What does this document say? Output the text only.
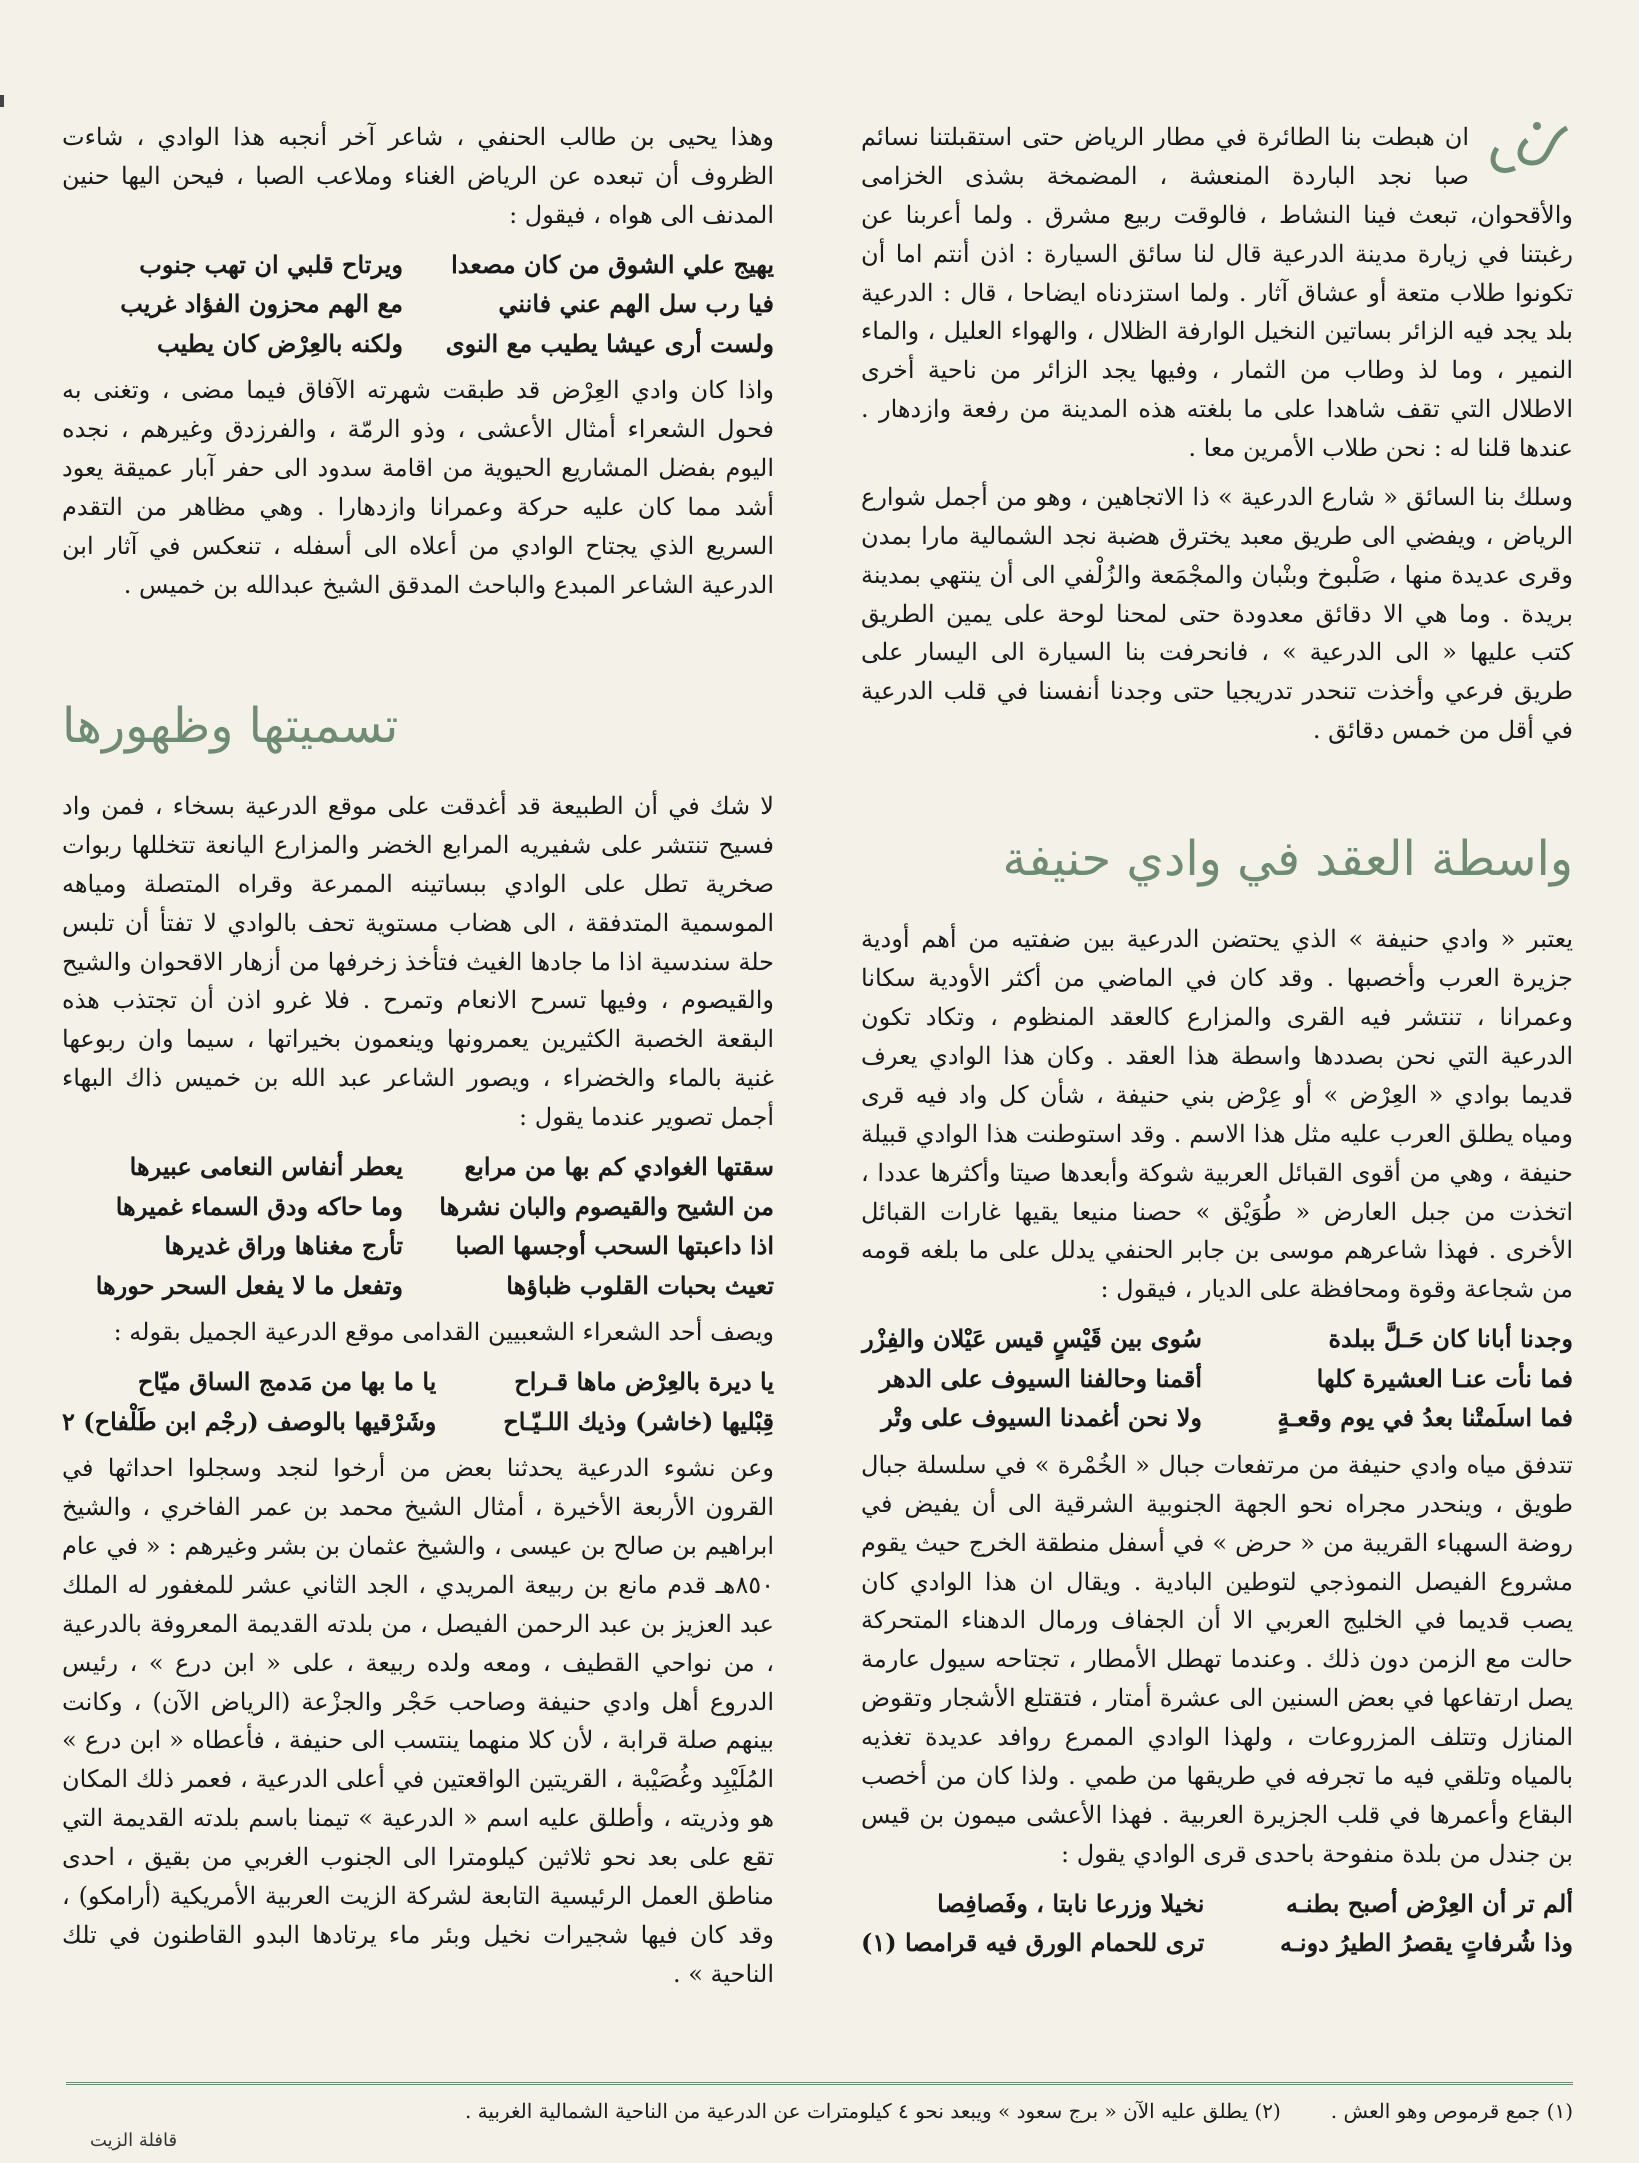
ان هبطت بنا الطائرة في مطار الرياض حتى استقبلتنا نسائم صبا نجد الباردة المنعشة ، المضمخة بشذى الخزامى والأقحوان، تبعث فينا النشاط ، فالوقت ربيع مشرق . ولما أعربنا عن رغبتنا في زيارة مدينة الدرعية قال لنا سائق السيارة : اذن أنتم اما أن تكونوا طلاب متعة أو عشاق آثار . ولما استزدناه ايضاحا ، قال : الدرعية بلد يجد فيه الزائر بساتين النخيل الوارفة الظلال ، والهواء العليل ، والماء النمير ، وما لذ وطاب من الثمار ، وفيها يجد الزائر من ناحية أخرى الاطلال التي تقف شاهدا على ما بلغته هذه المدينة من رفعة وازدهار . عندها قلنا له : نحن طلاب الأمرين معا .

وسلك بنا السائق « شارع الدرعية » ذا الاتجاهين ، وهو من أجمل شوارع الرياض ، ويفضي الى طريق معبد يخترق هضبة نجد الشمالية مارا بمدن وقرى عديدة منها ، صَلْبوخ وبنْبان والمجْمَعة والزُلْفي الى أن ينتهي بمدينة بريدة . وما هي الا دقائق معدودة حتى لمحنا لوحة على يمين الطريق كتب عليها « الى الدرعية » ، فانحرفت بنا السيارة الى اليسار على طريق فرعي وأخذت تنحدر تدريجيا حتى وجدنا أنفسنا في قلب الدرعية في أقل من خمس دقائق .

واسطة العقد في وادي حنيفة

يعتبر « وادي حنيفة » الذي يحتضن الدرعية بين ضفتيه من أهم أودية جزيرة العرب وأخصبها . وقد كان في الماضي من أكثر الأودية سكانا وعمرانا ، تنتشر فيه القرى والمزارع كالعقد المنظوم ، وتكاد تكون الدرعية التي نحن بصددها واسطة هذا العقد . وكان هذا الوادي يعرف قديما بوادي « العِرْض » أو عِرْض بني حنيفة ، شأن كل واد فيه قرى ومياه يطلق العرب عليه مثل هذا الاسم . وقد استوطنت هذا الوادي قبيلة حنيفة ، وهي من أقوى القبائل العربية شوكة وأبعدها صيتا وأكثرها عددا ، اتخذت من جبل العارض « طُوَيْق » حصنا منيعا يقيها غارات القبائل الأخرى . فهذا شاعرهم موسى بن جابر الحنفي يدلل على ما بلغه قومه من شجاعة وقوة ومحافظة على الديار ، فيقول :

وجدنا أبانا كان حَـلَّ ببلدة
سُوى بين قَيْسٍ قيس عَيْلان والفِزْر
فما نأت عنـا العشيرة كلها
أقمنا وحالفنا السيوف على الدهر
فما اسلَمتْنا بعدُ في يوم وقعـةٍ
ولا نحن أغمدنا السيوف على وتْر

تتدفق مياه وادي حنيفة من مرتفعات جبال « الخُمْرة » في سلسلة جبال طويق ، وينحدر مجراه نحو الجهة الجنوبية الشرقية الى أن يفيض في روضة السهباء القريبة من « حرض » في أسفل منطقة الخرج حيث يقوم مشروع الفيصل النموذجي لتوطين البادية . ويقال ان هذا الوادي كان يصب قديما في الخليج العربي الا أن الجفاف ورمال الدهناء المتحركة حالت مع الزمن دون ذلك . وعندما تهطل الأمطار ، تجتاحه سيول عارمة يصل ارتفاعها في بعض السنين الى عشرة أمتار ، فتقتلع الأشجار وتقوض المنازل وتتلف المزروعات ، ولهذا الوادي الممرع روافد عديدة تغذيه بالمياه وتلقي فيه ما تجرفه في طريقها من طمي . ولذا كان من أخصب البقاع وأعمرها في قلب الجزيرة العربية . فهذا الأعشى ميمون بن قيس بن جندل من بلدة منفوحة باحدى قرى الوادي يقول :

ألم تر أن العِرْض أصبح بطنـه
نخيلا وزرعا نابتا ، وفَصافِصا
وذا شُرفاتٍ يقصرُ الطيرُ دونـه
ترى للحمام الورق فيه قرامصا (١)

وهذا يحيى بن طالب الحنفي ، شاعر آخر أنجبه هذا الوادي ، شاءت الظروف أن تبعده عن الرياض الغناء وملاعب الصبا ، فيحن اليها حنين المدنف الى هواه ، فيقول :

يهيج علي الشوق من كان مصعدا
ويرتاح قلبي ان تهب جنوب
فيا رب سل الهم عني فانني
مع الهم محزون الفؤاد غريب
ولست أرى عيشا يطيب مع النوى
ولكنه بالعِرْض كان يطيب

واذا كان وادي العِرْض قد طبقت شهرته الآفاق فيما مضى ، وتغنى به فحول الشعراء أمثال الأعشى ، وذو الرمّة ، والفرزدق وغيرهم ، نجده اليوم بفضل المشاريع الحيوية من اقامة سدود الى حفر آبار عميقة يعود أشد مما كان عليه حركة وعمرانا وازدهارا . وهي مظاهر من التقدم السريع الذي يجتاح الوادي من أعلاه الى أسفله ، تنعكس في آثار ابن الدرعية الشاعر المبدع والباحث المدقق الشيخ عبدالله بن خميس .

تسميتها وظهورها

لا شك في أن الطبيعة قد أغدقت على موقع الدرعية بسخاء ، فمن واد فسيح تنتشر على شفيريه المرابع الخضر والمزارع اليانعة تتخللها ربوات صخرية تطل على الوادي ببساتينه الممرعة وقراه المتصلة ومياهه الموسمية المتدفقة ، الى هضاب مستوية تحف بالوادي لا تفتأ أن تلبس حلة سندسية اذا ما جادها الغيث فتأخذ زخرفها من أزهار الاقحوان والشيح والقيصوم ، وفيها تسرح الانعام وتمرح . فلا غرو اذن أن تجتذب هذه البقعة الخصبة الكثيرين يعمرونها وينعمون بخيراتها ، سيما وان ربوعها غنية بالماء والخضراء ، ويصور الشاعر عبد الله بن خميس ذاك البهاء أجمل تصوير عندما يقول :

سقتها الغوادي كم بها من مرابع
يعطر أنفاس النعامى عبيرها
من الشيح والقيصوم والبان نشرها
وما حاكه ودق السماء غميرها
اذا داعبتها السحب أوجسها الصبا
تأرج مغناها وراق غديرها
تعيث بحبات القلوب ظباؤها
وتفعل ما لا يفعل السحر حورها

ويصف أحد الشعراء الشعبيين القدامى موقع الدرعية الجميل بقوله :

يا ديرة بالعِرْض ماها قـراح
يا ما بها من مَدمج الساق ميّاح
قِبْليها (خاشر) وذيك اللـيّـاح
وشَرْقيها بالوصف (رجْم ابن طَلْفاح) ٢

وعن نشوء الدرعية يحدثنا بعض من أرخوا لنجد وسجلوا احداثها في القرون الأربعة الأخيرة ، أمثال الشيخ محمد بن عمر الفاخري ، والشيخ ابراهيم بن صالح بن عيسى ، والشيخ عثمان بن بشر وغيرهم : « في عام ٨٥٠هـ قدم مانع بن ربيعة المريدي ، الجد الثاني عشر للمغفور له الملك عبد العزيز بن عبد الرحمن الفيصل ، من بلدته القديمة المعروفة بالدرعية ، من نواحي القطيف ، ومعه ولده ربيعة ، على « ابن درع » ، رئيس الدروع أهل وادي حنيفة وصاحب حَجْر والجزْعة (الرياض الآن) ، وكانت بينهم صلة قرابة ، لأن كلا منهما ينتسب الى حنيفة ، فأعطاه « ابن درع » المُلَيْبِد وغُصَيْبة ، القريتين الواقعتين في أعلى الدرعية ، فعمر ذلك المكان هو وذريته ، وأطلق عليه اسم « الدرعية » تيمنا باسم بلدته القديمة التي تقع على بعد نحو ثلاثين كيلومترا الى الجنوب الغربي من بقيق ، احدى مناطق العمل الرئيسية التابعة لشركة الزيت العربية الأمريكية (أرامكو) ، وقد كان فيها شجيرات نخيل وبئر ماء يرتادها البدو القاطنون في تلك الناحية » .

(١) جمع قرموص وهو العش .
(٢) يطلق عليه الآن « برج سعود » ويبعد نحو ٤ كيلومترات عن الدرعية من الناحية الشمالية الغربية .
قافلة الزيت
